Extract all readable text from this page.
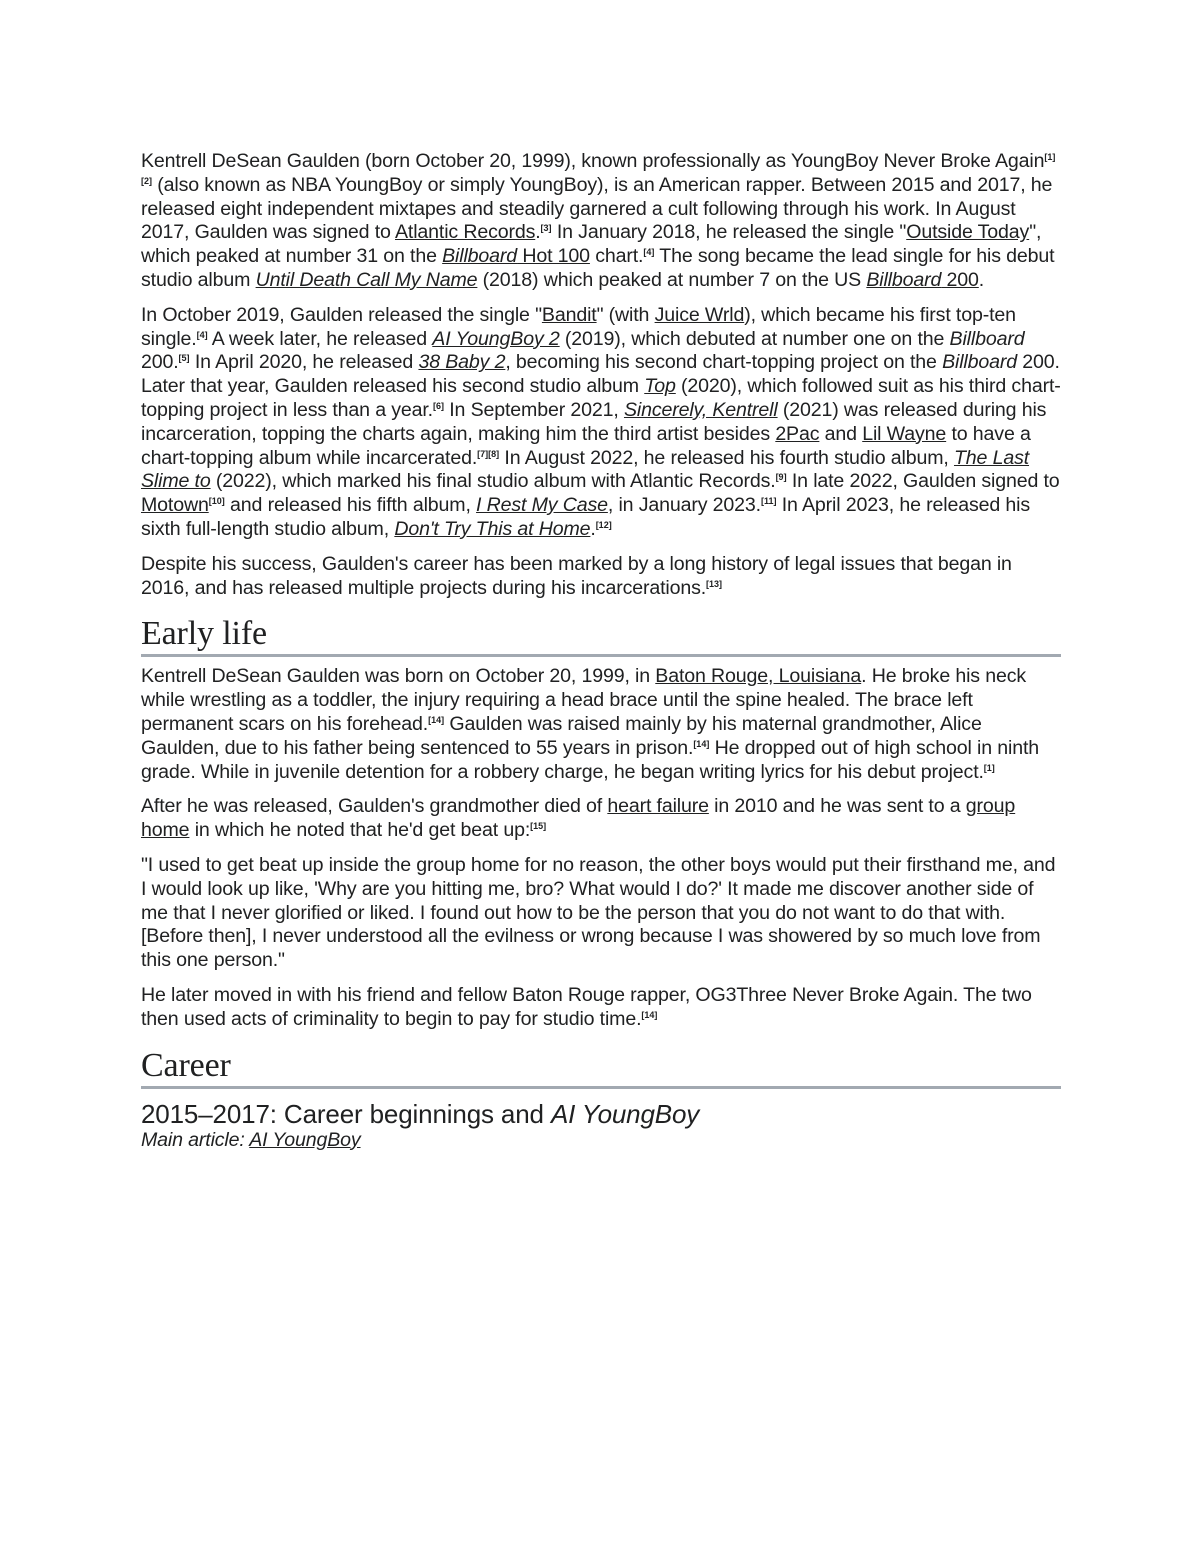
Kentrell DeSean Gaulden (born October 20, 1999), known professionally as YoungBoy Never Broke Again[1][2] (also known as NBA YoungBoy or simply YoungBoy), is an American rapper. Between 2015 and 2017, he released eight independent mixtapes and steadily garnered a cult following through his work. In August 2017, Gaulden was signed to Atlantic Records.[3] In January 2018, he released the single "Outside Today", which peaked at number 31 on the Billboard Hot 100 chart.[4] The song became the lead single for his debut studio album Until Death Call My Name (2018) which peaked at number 7 on the US Billboard 200.

In October 2019, Gaulden released the single "Bandit" (with Juice Wrld), which became his first top-ten single.[4] A week later, he released AI YoungBoy 2 (2019), which debuted at number one on the Billboard 200.[5] In April 2020, he released 38 Baby 2, becoming his second chart-topping project on the Billboard 200. Later that year, Gaulden released his second studio album Top (2020), which followed suit as his third chart-topping project in less than a year.[6] In September 2021, Sincerely, Kentrell (2021) was released during his incarceration, topping the charts again, making him the third artist besides 2Pac and Lil Wayne to have a chart-topping album while incarcerated.[7][8] In August 2022, he released his fourth studio album, The Last Slime to (2022), which marked his final studio album with Atlantic Records.[9] In late 2022, Gaulden signed to Motown[10] and released his fifth album, I Rest My Case, in January 2023.[11] In April 2023, he released his sixth full-length studio album, Don't Try This at Home.[12]

Despite his success, Gaulden's career has been marked by a long history of legal issues that began in 2016, and has released multiple projects during his incarcerations.[13]

Early life

Kentrell DeSean Gaulden was born on October 20, 1999, in Baton Rouge, Louisiana. He broke his neck while wrestling as a toddler, the injury requiring a head brace until the spine healed. The brace left permanent scars on his forehead.[14] Gaulden was raised mainly by his maternal grandmother, Alice Gaulden, due to his father being sentenced to 55 years in prison.[14] He dropped out of high school in ninth grade. While in juvenile detention for a robbery charge, he began writing lyrics for his debut project.[1]

After he was released, Gaulden's grandmother died of heart failure in 2010 and he was sent to a group home in which he noted that he'd get beat up:[15]

"I used to get beat up inside the group home for no reason, the other boys would put their firsthand me, and I would look up like, 'Why are you hitting me, bro? What would I do?' It made me discover another side of me that I never glorified or liked. I found out how to be the person that you do not want to do that with. [Before then], I never understood all the evilness or wrong because I was showered by so much love from this one person."

He later moved in with his friend and fellow Baton Rouge rapper, OG3Three Never Broke Again. The two then used acts of criminality to begin to pay for studio time.[14]

Career
2015–2017: Career beginnings and AI YoungBoy

Main article: AI YoungBoy
